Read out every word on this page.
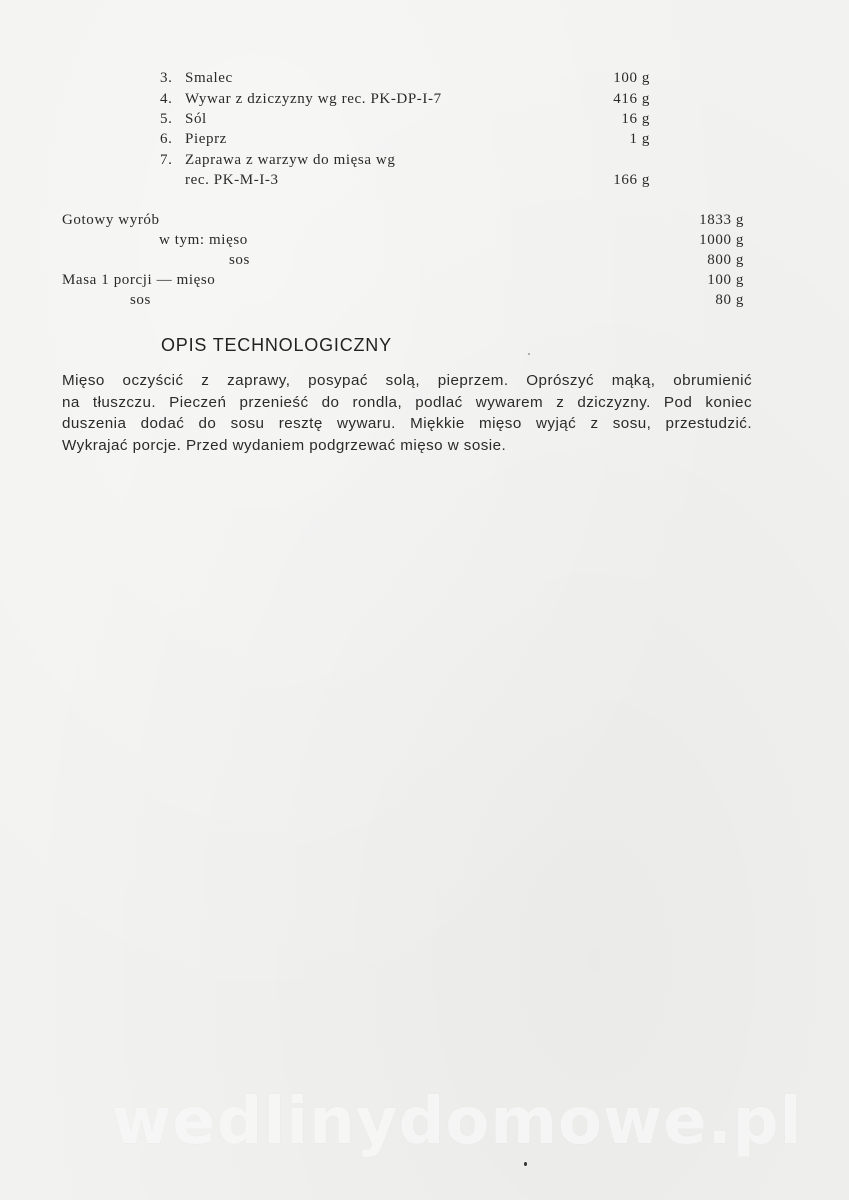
3. Smalec	100 g
4. Wywar z dziczyzny wg rec. PK-DP-I-7	416 g
5. Sól	16 g
6. Pieprz	1 g
7. Zaprawa z warzyw do mięsa wg
rec. PK-M-I-3	166 g
Gotowy wyrób	1833 g
w tym: mięso	1000 g
sos	800 g
Masa 1 porcji — mięso	100 g
sos	80 g
OPIS TECHNOLOGICZNY
Mięso oczyścić z zaprawy, posypać solą, pieprzem. Oprószyć mąką, obrumienić
na tłuszczu. Pieczeń przenieść do rondla, podlać wywarem z dziczyzny. Pod koniec
duszenia dodać do sosu resztę wywaru. Miękkie mięso wyjąć z sosu, przestudzić.
Wykrajać porcje. Przed wydaniem podgrzewać mięso w sosie.
wedlinydomowe.pl
